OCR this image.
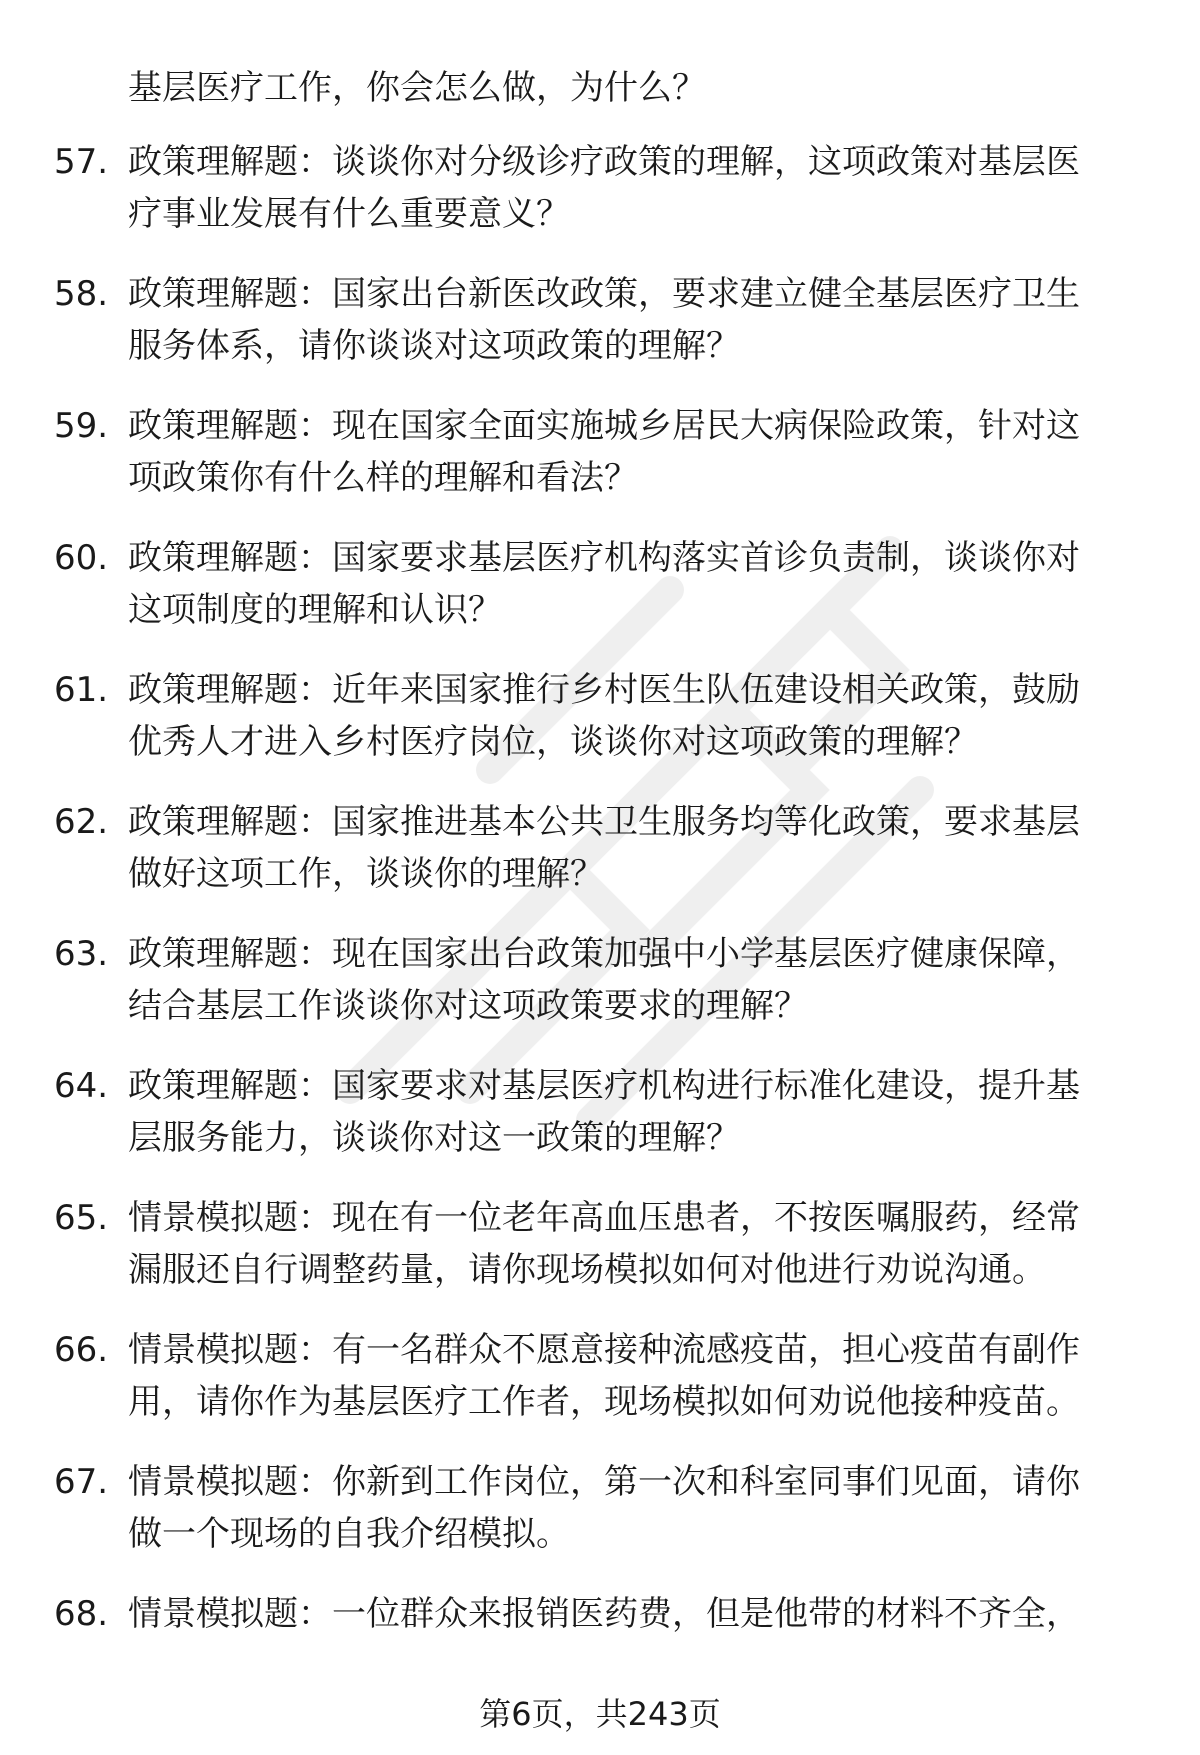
基层医疗工作，你会怎么做，为什么？
57. 政策理解题：谈谈你对分级诊疗政策的理解，这项政策对基层医
疗事业发展有什么重要意义？
58. 政策理解题：国家出台新医改政策，要求建立健全基层医疗卫生
服务体系，请你谈谈对这项政策的理解？
59. 政策理解题：现在国家全面实施城乡居民大病保险政策，针对这
项政策你有什么样的理解和看法？
60. 政策理解题：国家要求基层医疗机构落实首诊负责制，谈谈你对
这项制度的理解和认识？
61. 政策理解题：近年来国家推行乡村医生队伍建设相关政策，鼓励
优秀人才进入乡村医疗岗位，谈谈你对这项政策的理解？
62. 政策理解题：国家推进基本公共卫生服务均等化政策，要求基层
做好这项工作，谈谈你的理解？
63. 政策理解题：现在国家出台政策加强中小学基层医疗健康保障，
结合基层工作谈谈你对这项政策要求的理解？
64. 政策理解题：国家要求对基层医疗机构进行标准化建设，提升基
层服务能力，谈谈你对这一政策的理解？
65. 情景模拟题：现在有一位老年高血压患者，不按医嘱服药，经常
漏服还自行调整药量，请你现场模拟如何对他进行劝说沟通。
66. 情景模拟题：有一名群众不愿意接种流感疫苗，担心疫苗有副作
用，请你作为基层医疗工作者，现场模拟如何劝说他接种疫苗。
67. 情景模拟题：你新到工作岗位，第一次和科室同事们见面，请你
做一个现场的自我介绍模拟。
68. 情景模拟题：一位群众来报销医药费，但是他带的材料不齐全，
第6页，共243页
